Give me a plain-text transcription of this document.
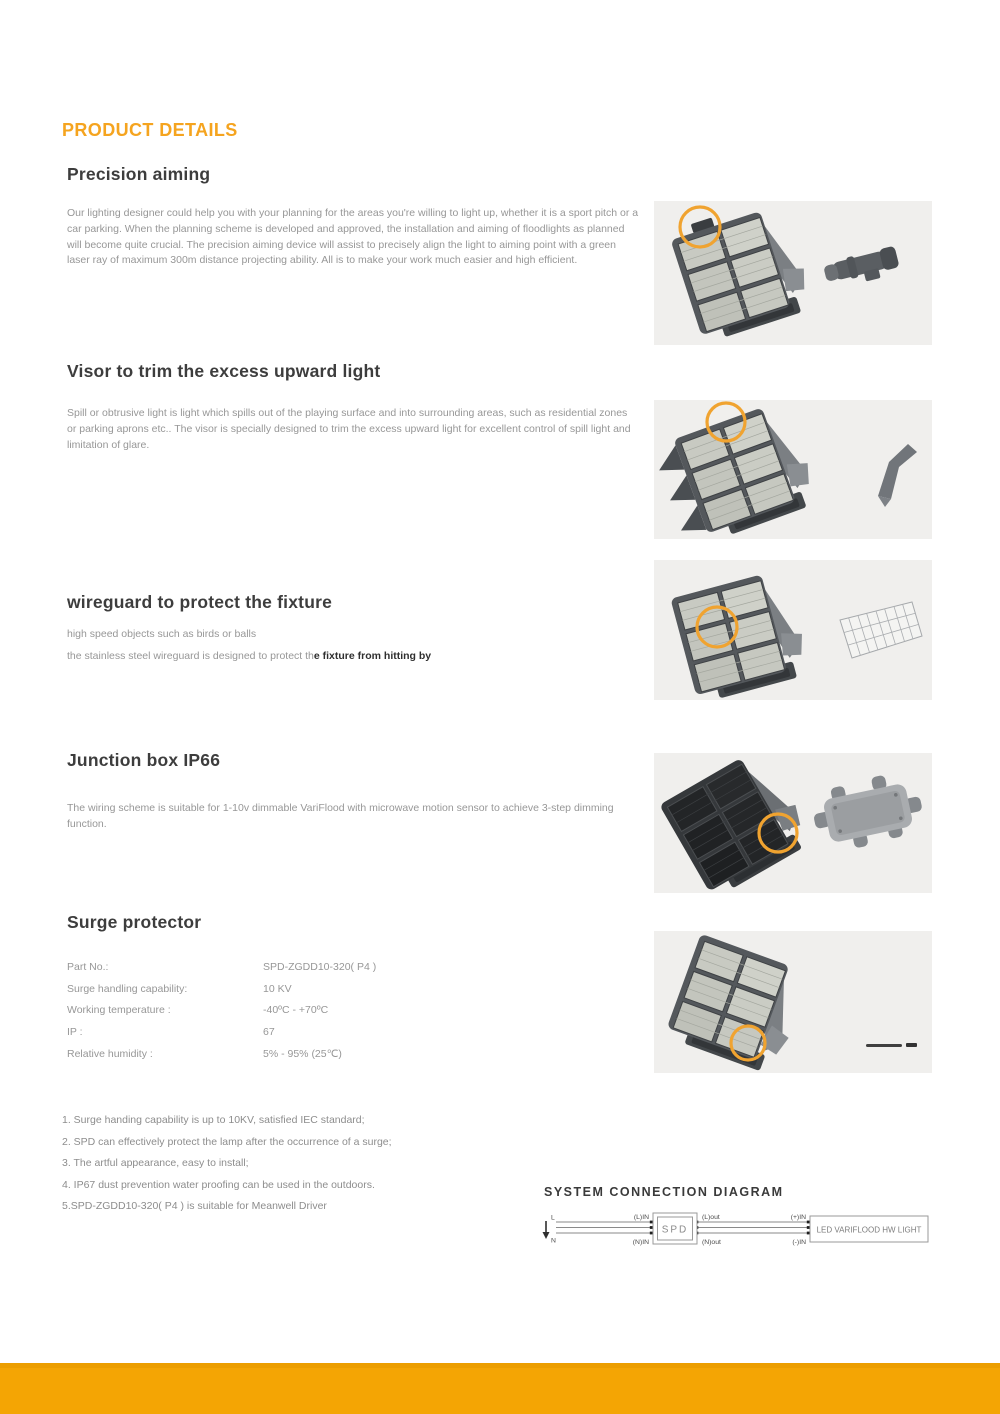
PRODUCT DETAILS
Precision aiming
Our lighting designer could help you with your planning for the areas you're willing to light up, whether it is a sport pitch or a car parking. When the planning scheme is developed and approved, the installation and aiming of floodlights as planned will become quite crucial. The precision aiming device will assist to precisely align the light to aiming point with a green laser ray of maximum 300m distance projecting ability. All is to make your work much easier and high efficient.
Visor to trim the excess upward light
Spill or obtrusive light is light which spills out of the playing surface and into surrounding areas, such as residential zones or parking aprons etc.. The visor is specially designed to trim the excess upward light for excellent control of spill light and limitation of glare.
wireguard to protect the fixture
high speed objects such as birds or balls
the stainless steel wireguard is designed to protect the fixture from hitting by
Junction box IP66
The wiring scheme is suitable for 1-10v dimmable VariFlood with microwave motion sensor to achieve 3-step dimming function.
Surge protector
Part No.:	SPD-ZGDD10-320( P4 )
Surge handling capability:	10 KV
Working temperature :	-40ºC - +70ºC
IP :	67
Relative humidity :	5% - 95% (25℃)
1. Surge handing capability is up to 10KV, satisfied IEC standard;
2. SPD can effectively protect the lamp after the occurrence of a surge;
3. The artful appearance, easy to install;
4. IP67 dust prevention water proofing can be used in the outdoors.
5.SPD-ZGDD10-320( P4 ) is suitable for Meanwell Driver
SYSTEM CONNECTION DIAGRAM
SPD	LED VARIFLOOD HW LIGHT
L
N
(L)IN
(N)IN
(L)out
(N)out
(+)IN
(-)IN
